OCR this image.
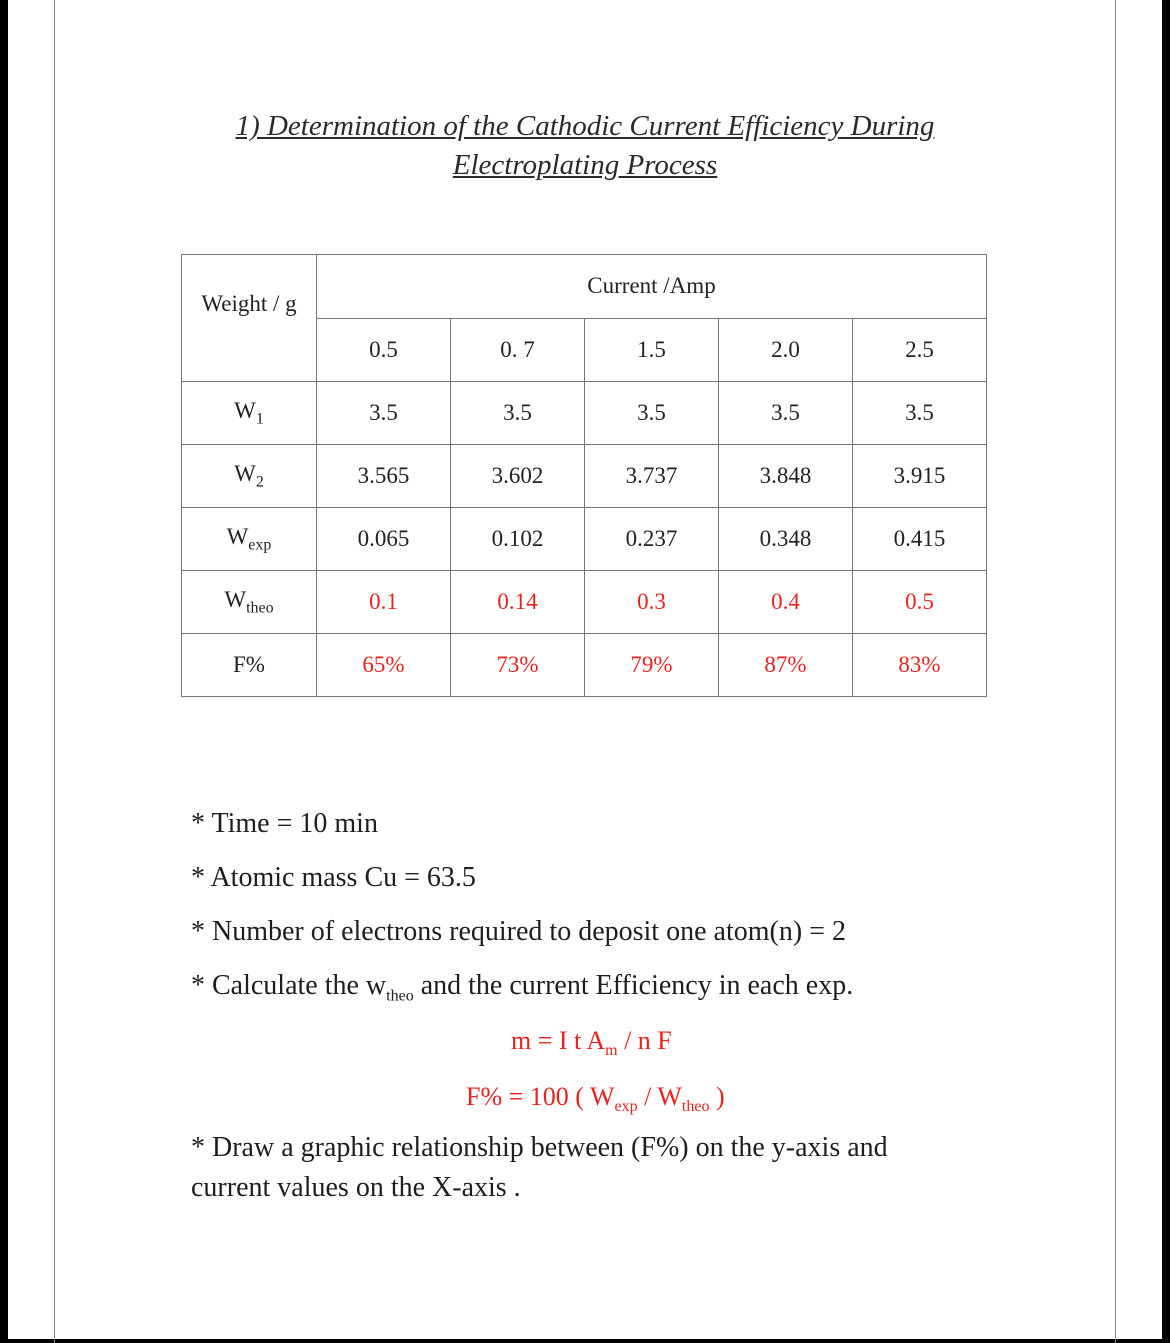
1) Determination of the Cathodic Current Efficiency During
Electroplating Process
Weight / g	Current /Amp				

	0.5	0. 7	1.5	2.0	2.5
$W_1$	3.5	3.5	3.5	3.5	3.5
$W_2$	3.565	3.602	3.737	3.848	3.915
$W_{exp}$	0.065	0.102	0.237	0.348	0.415
$W_{theo}$	0.1	0.14	0.3	0.4	0.5
F%	65%	73%	79%	87%	83%
* Time = 10 min
* Atomic mass Cu = 63.5
* Number of electrons required to deposit one atom(n) = 2
* Calculate the $w_{theo}$ and the current Efficiency in each exp.
m = I t $A_m$ / n F
F% = 100 ( $W_{exp} / W_{theo}$ )
* Draw a graphic relationship between (F%) on the y-axis and
current values on the X-axis .
